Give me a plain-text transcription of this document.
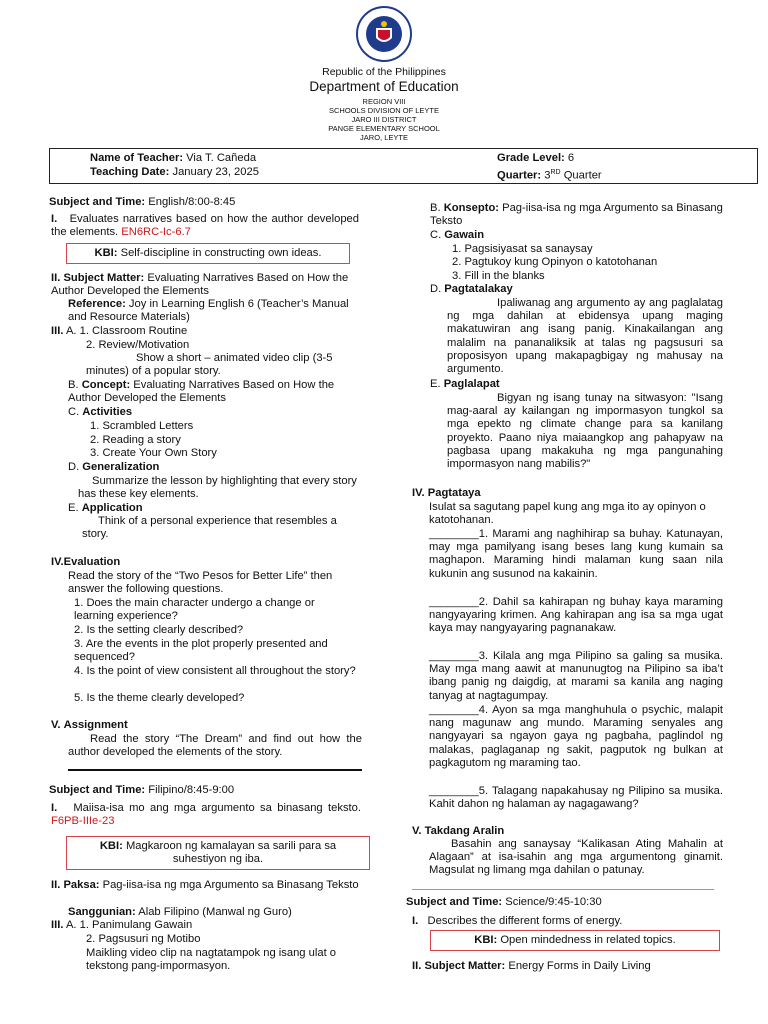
Republic of the Philippines
Department of Education
REGION VIII
SCHOOLS DIVISION OF LEYTE
JARO III DISTRICT
PANGE ELEMENTARY SCHOOL
JARO, LEYTE
Name of Teacher: Via T. Cañeda
Teaching Date: January 23, 2025
Grade Level: 6
Quarter: 3RD Quarter
Subject and Time: English/8:00-8:45
I. Evaluates narratives based on how the author developed the elements. EN6RC-Ic-6.7
KBI: Self-discipline in constructing own ideas.
II. Subject Matter: Evaluating Narratives Based on How the Author Developed the Elements
Reference: Joy in Learning English 6 (Teacher’s Manual and Resource Materials)
III. A. 1. Classroom Routine
2. Review/Motivation
Show a short – animated video clip (3-5 minutes) of a popular story.
B. Concept: Evaluating Narratives Based on How the Author Developed the Elements
C. Activities
1. Scrambled Letters
2. Reading a story
3. Create Your Own Story
D. Generalization
Summarize the lesson by highlighting that every story has these key elements.
E. Application
Think of a personal experience that resembles a story.
IV.Evaluation
Read the story of the “Two Pesos for Better Life” then answer the following questions.
1. Does the main character undergo a change or learning experience?
2. Is the setting clearly described?
3. Are the events in the plot properly presented and sequenced?
4. Is the point of view consistent all throughout the story?
5. Is the theme clearly developed?
V. Assignment
Read the story “The Dream” and find out how the author developed the elements of the story.
Subject and Time: Filipino/8:45-9:00
I. Maiisa-isa mo ang mga argumento sa binasang teksto. F6PB-IIIe-23
KBI: Magkaroon ng kamalayan sa sarili para sa suhestiyon ng iba.
II. Paksa: Pag-iisa-isa ng mga Argumento sa Binasang Teksto
Sanggunian: Alab Filipino (Manwal ng Guro)
III. A. 1. Panimulang Gawain
2. Pagsusuri ng Motibo
Maikling video clip na nagtatampok ng isang ulat o tekstong pang-impormasyon.
B. Konsepto: Pag-iisa-isa ng mga Argumento sa Binasang Teksto
C. Gawain
1. Pagsisiyasat sa sanaysay
2. Pagtukoy kung Opinyon o katotohanan
3. Fill in the blanks
D. Pagtatalakay
Ipaliwanag ang argumento ay ang paglalatag ng mga dahilan at ebidensya upang maging makatuwiran ang isang panig. Kinakailangan ang malalim na pananaliksik at talas ng pagsusuri sa proposisyon upang makapagbigay ng mahusay na argumento.
E. Paglalapat
Bigyan ng isang tunay na sitwasyon: "Isang mag-aaral ay kailangan ng impormasyon tungkol sa mga epekto ng climate change para sa kanilang proyekto. Paano niya maiaangkop ang pahapyaw na pagbasa upang makakuha ng mga pangunahing impormasyon nang mabilis?"
IV. Pagtataya
Isulat sa sagutang papel kung ang mga ito ay opinyon o katotohanan.
________1. Marami ang naghihirap sa buhay. Katunayan, may mga pamilyang isang beses lang kung kumain sa maghapon. Maraming hindi malaman kung saan nila kukunin ang susunod na kakainin.
________2. Dahil sa kahirapan ng buhay kaya maraming nangyayaring krimen. Ang kahirapan ang isa sa mga ugat kaya may nangyayaring pagnanakaw.
________3. Kilala ang mga Pilipino sa galing sa musika. May mga mang aawit at manunugtog na Pilipino sa iba’t ibang panig ng daigdig, at marami sa kanila ang naging tanyag at nagtagumpay.
________4. Ayon sa mga manghuhula o psychic, malapit nang magunaw ang mundo. Maraming senyales ang nangyayari sa ngayon gaya ng pagbaha, paglindol ng malakas, paglaganap ng sakit, pagputok ng bulkan at pagkagutom ng maraming tao.
________5. Talagang napakahusay ng Pilipino sa musika. Kahit dahon ng halaman ay nagagawang?
V. Takdang Aralin
Basahin ang sanaysay “Kalikasan Ating Mahalin at Alagaan” at isa-isahin ang mga argumentong ginamit. Magsulat ng limang mga dahilan o patunay.
Subject and Time: Science/9:45-10:30
I. Describes the different forms of energy.
KBI: Open mindedness in related topics.
II. Subject Matter: Energy Forms in Daily Living
